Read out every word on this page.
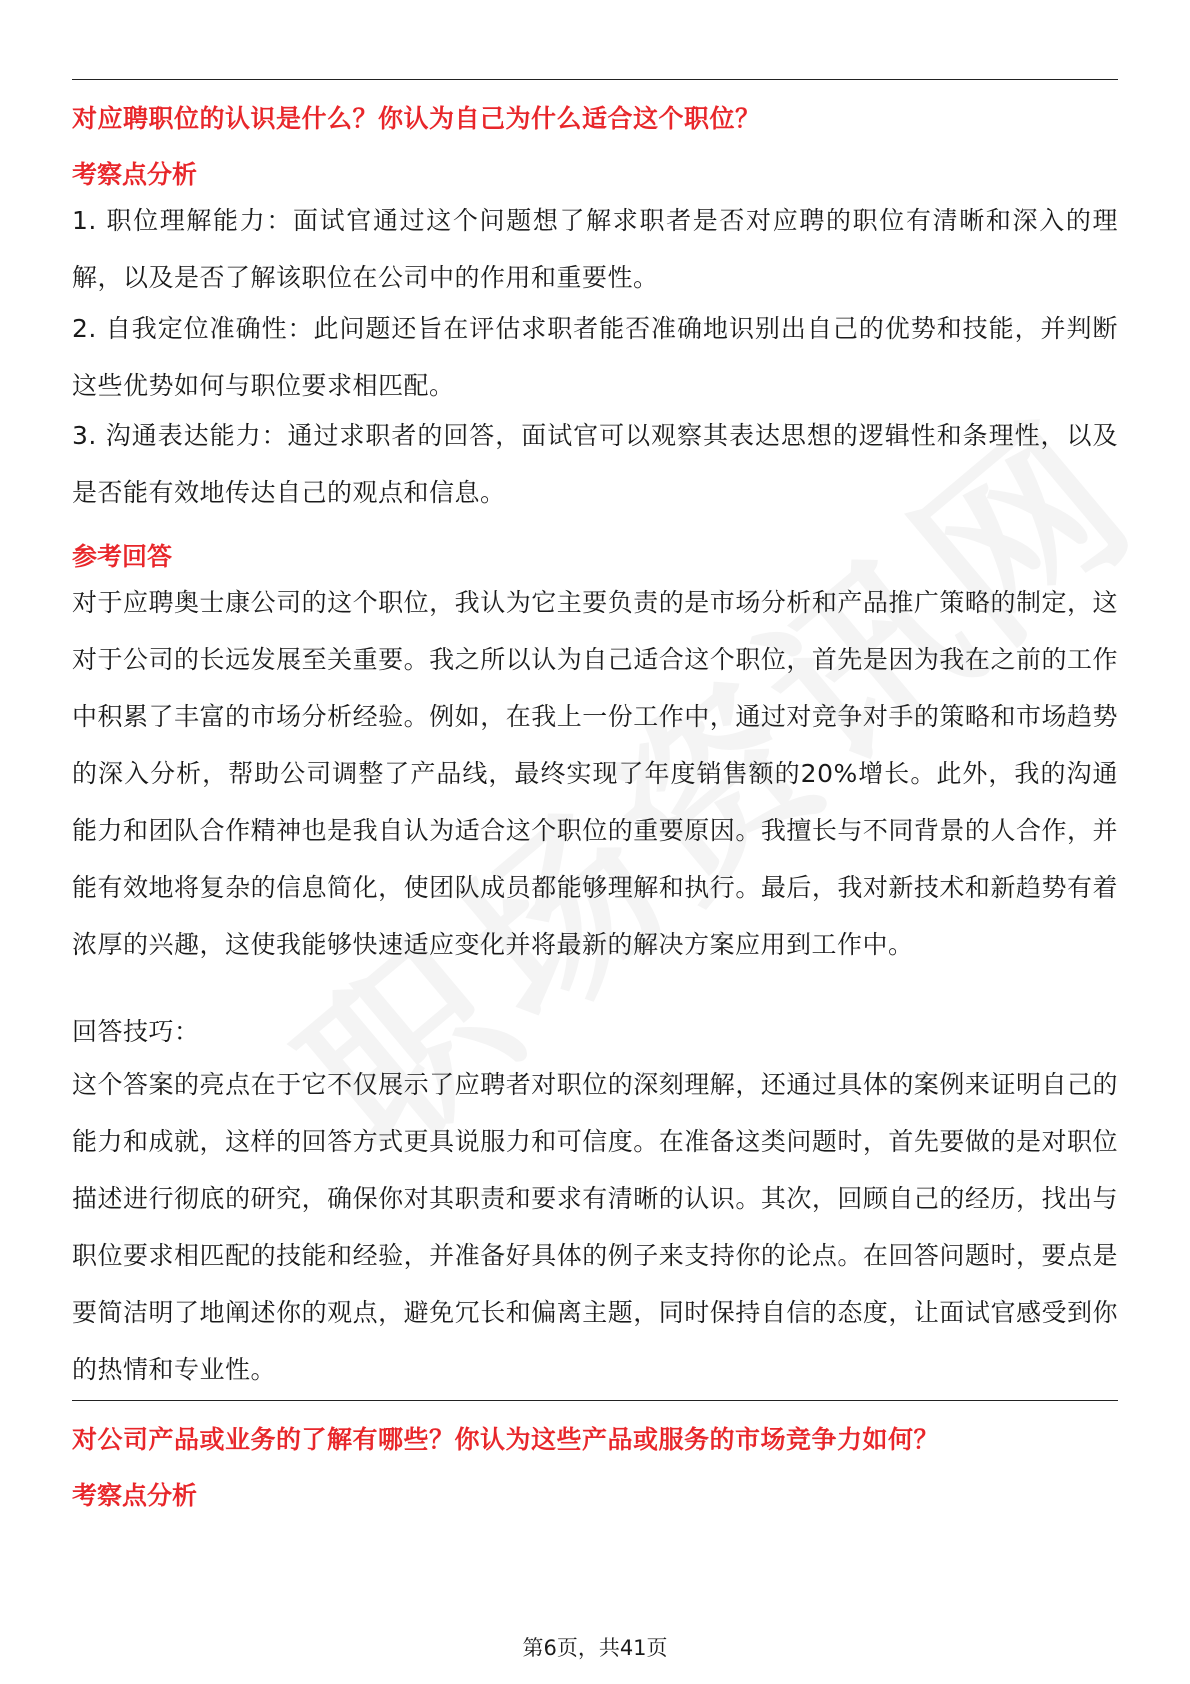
对应聘职位的认识是什么？你认为自己为什么适合这个职位？
考察点分析

1. 职位理解能力：面试官通过这个问题想了解求职者是否对应聘的职位有清晰和深入的理解，以及是否了解该职位在公司中的作用和重要性。

2. 自我定位准确性：此问题还旨在评估求职者能否准确地识别出自己的优势和技能，并判断这些优势如何与职位要求相匹配。

3. 沟通表达能力：通过求职者的回答，面试官可以观察其表达思想的逻辑性和条理性，以及是否能有效地传达自己的观点和信息。

参考回答

对于应聘奥士康公司的这个职位，我认为它主要负责的是市场分析和产品推广策略的制定，这对于公司的长远发展至关重要。我之所以认为自己适合这个职位，首先是因为我在之前的工作中积累了丰富的市场分析经验。例如，在我上一份工作中，通过对竞争对手的策略和市场趋势的深入分析，帮助公司调整了产品线，最终实现了年度销售额的20%增长。此外，我的沟通能力和团队合作精神也是我自认为适合这个职位的重要原因。我擅长与不同背景的人合作，并能有效地将复杂的信息简化，使团队成员都能够理解和执行。最后，我对新技术和新趋势有着浓厚的兴趣，这使我能够快速适应变化并将最新的解决方案应用到工作中。

回答技巧：

这个答案的亮点在于它不仅展示了应聘者对职位的深刻理解，还通过具体的案例来证明自己的能力和成就，这样的回答方式更具说服力和可信度。在准备这类问题时，首先要做的是对职位描述进行彻底的研究，确保你对其职责和要求有清晰的认识。其次，回顾自己的经历，找出与职位要求相匹配的技能和经验，并准备好具体的例子来支持你的论点。在回答问题时，要点是要简洁明了地阐述你的观点，避免冗长和偏离主题，同时保持自信的态度，让面试官感受到你的热情和专业性。

对公司产品或业务的了解有哪些？你认为这些产品或服务的市场竞争力如何？
考察点分析
第6页，共41页
